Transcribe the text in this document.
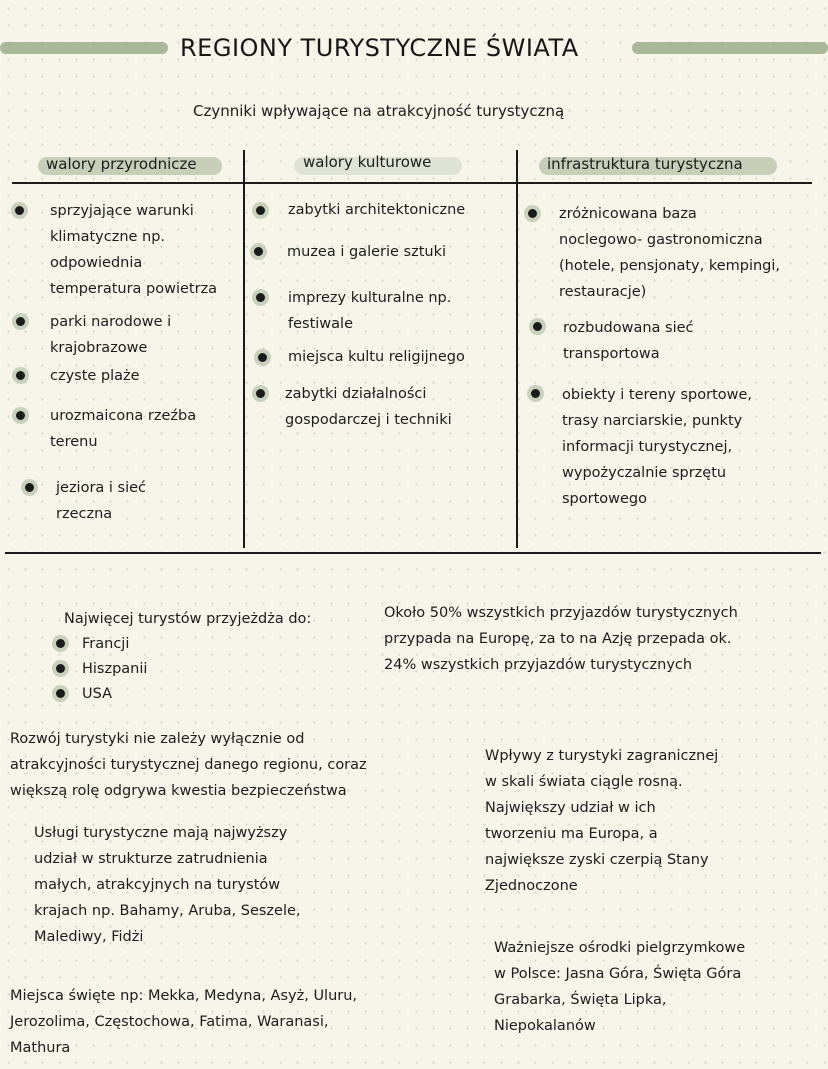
REGIONY TURYSTYCZNE ŚWIATA
Czynniki wpływające na atrakcyjność turystyczną
walory przyrodnicze	walory kulturowe	infrastruktura turystyczna
sprzyjające warunki
klimatyczne np.
odpowiednia
temperatura powietrza
parki narodowe i
krajobrazowe
czyste plaże
urozmaicona rzeźba
terenu
jeziora i sieć
rzeczna
zabytki architektoniczne
muzea i galerie sztuki
imprezy kulturalne np.
festiwale
miejsca kultu religijnego
zabytki działalności
gospodarczej i techniki
zróżnicowana baza
noclegowo- gastronomiczna
(hotele, pensjonaty, kempingi,
restauracje)
rozbudowana sieć
transportowa
obiekty i tereny sportowe,
trasy narciarskie, punkty
informacji turystycznej,
wypożyczalnie sprzętu
sportowego
Najwięcej turystów przyjeżdża do:
Francji
Hiszpanii
USA
Około 50% wszystkich przyjazdów turystycznych
przypada na Europę, za to na Azję przepada ok.
24% wszystkich przyjazdów turystycznych
Rozwój turystyki nie zależy wyłącznie od
atrakcyjności turystycznej danego regionu, coraz
większą rolę odgrywa kwestia bezpieczeństwa
Wpływy z turystyki zagranicznej
w skali świata ciągle rosną.
Największy udział w ich
tworzeniu ma Europa, a
największe zyski czerpią Stany
Zjednoczone
Usługi turystyczne mają najwyższy
udział w strukturze zatrudnienia
małych, atrakcyjnych na turystów
krajach np. Bahamy, Aruba, Seszele,
Malediwy, Fidżi
Ważniejsze ośrodki pielgrzymkowe
w Polsce: Jasna Góra, Święta Góra
Grabarka, Święta Lipka,
Niepokalanów
Miejsca święte np: Mekka, Medyna, Asyż, Uluru,
Jerozolima, Częstochowa, Fatima, Waranasi,
Mathura
